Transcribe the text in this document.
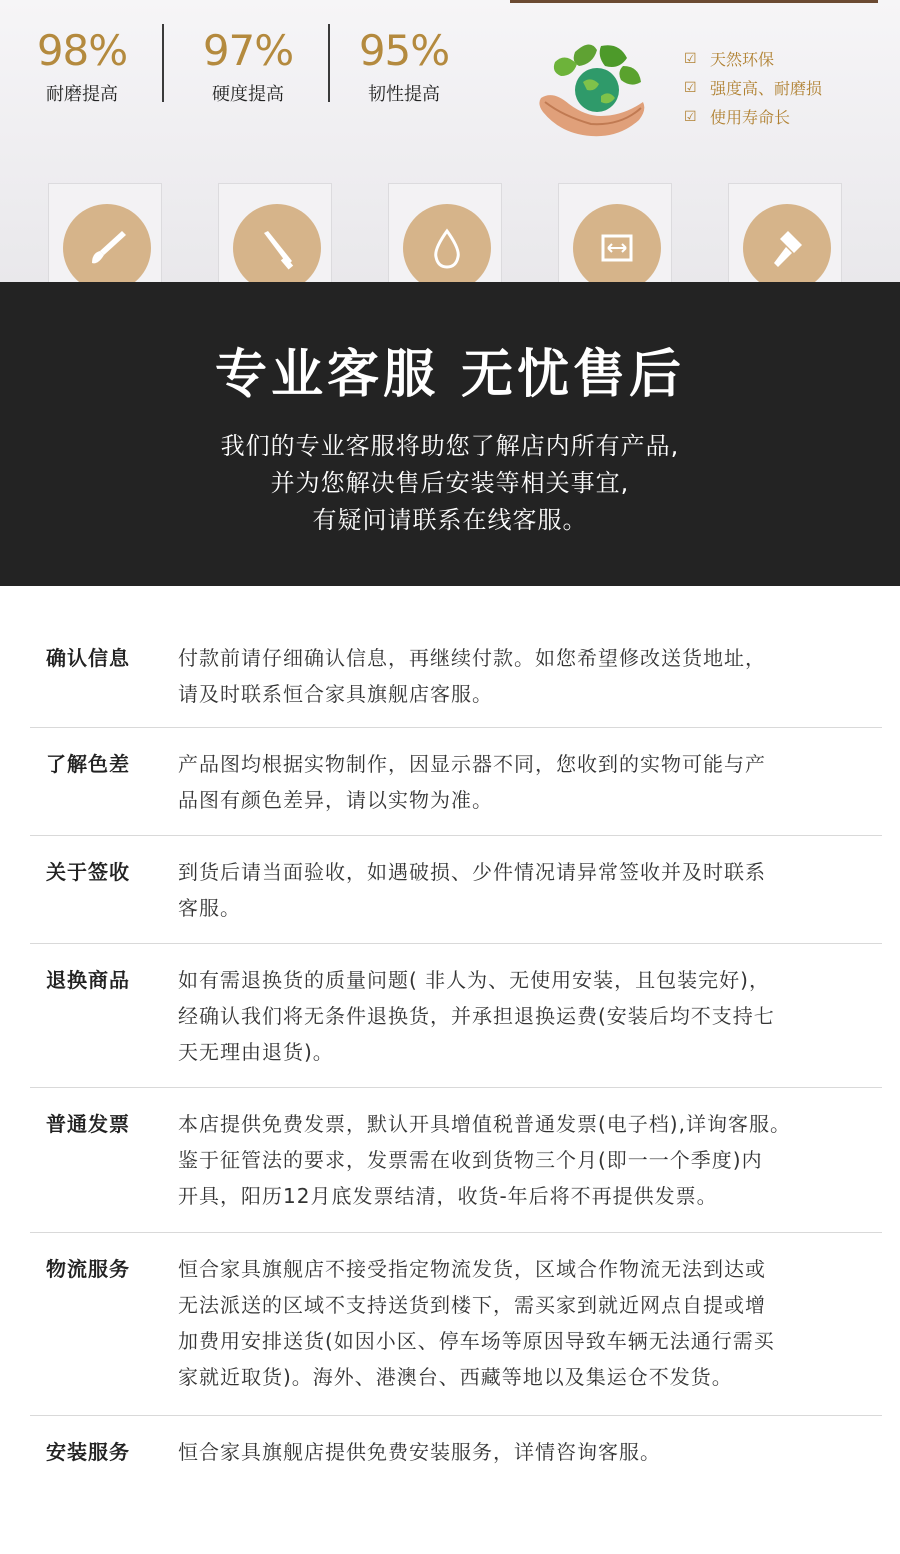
98%
耐磨提高
97%
硬度提高
95%
韧性提高
☑ 天然环保
☑ 强度高、耐磨损
☑ 使用寿命长
专业客服 无忧售后
我们的专业客服将助您了解店内所有产品,
并为您解决售后安装等相关事宜,
有疑问请联系在线客服。
确认信息	付款前请仔细确认信息，再继续付款。如您希望修改送货地址，
请及时联系恒合家具旗舰店客服。
了解色差	产品图均根据实物制作，因显示器不同，您收到的实物可能与产
品图有颜色差异，请以实物为准。
关于签收	到货后请当面验收，如遇破损、少件情况请异常签收并及时联系
客服。
退换商品	如有需退换货的质量问题( 非人为、无使用安装，且包装完好)，
经确认我们将无条件退换货，并承担退换运费(安装后均不支持七
天无理由退货)。
普通发票	本店提供免费发票，默认开具增值税普通发票(电子档),详询客服。
鉴于征管法的要求，发票需在收到货物三个月(即一一个季度)内
开具，阳历12月底发票结清，收货-年后将不再提供发票。
物流服务	恒合家具旗舰店不接受指定物流发货，区域合作物流无法到达或
无法派送的区域不支持送货到楼下，需买家到就近网点自提或增
加费用安排送货(如因小区、停车场等原因导致车辆无法通行需买
家就近取货)。海外、港澳台、西藏等地以及集运仓不发货。
安装服务	恒合家具旗舰店提供免费安装服务，详情咨询客服。
